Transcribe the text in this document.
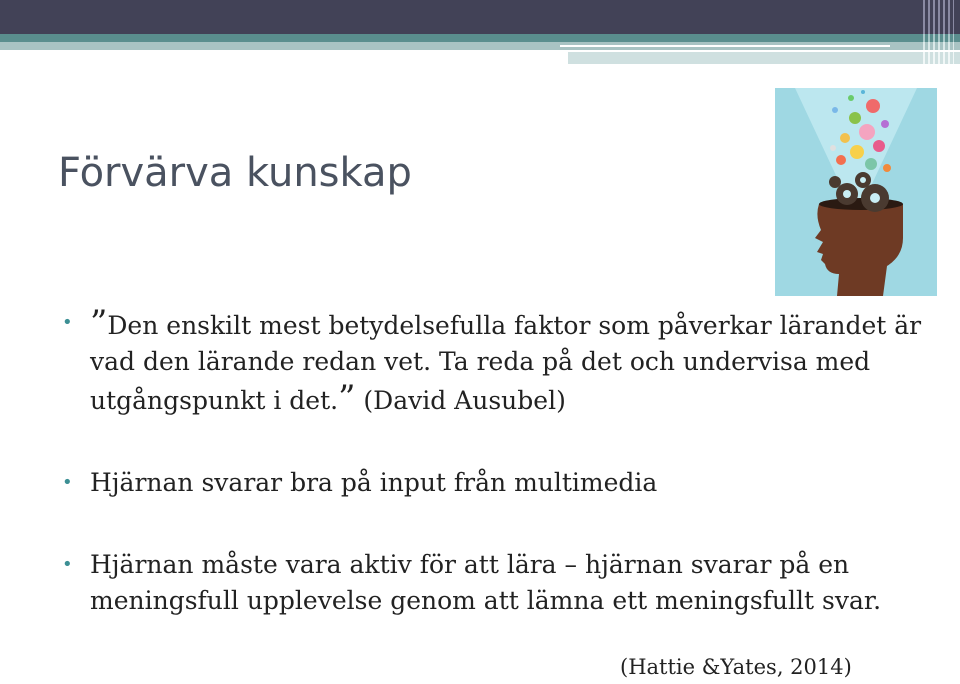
Förvärva kunskap
• ”Den enskilt mest betydelsefulla faktor som påverkar lärandet är vad den lärande redan vet. Ta reda på det och undervisa med utgångspunkt i det.” (David Ausubel)
• Hjärnan svarar bra på input från multimedia
• Hjärnan måste vara aktiv för att lära – hjärnan svarar på en meningsfull upplevelse genom att lämna ett meningsfullt svar.
(Hattie &Yates, 2014)
